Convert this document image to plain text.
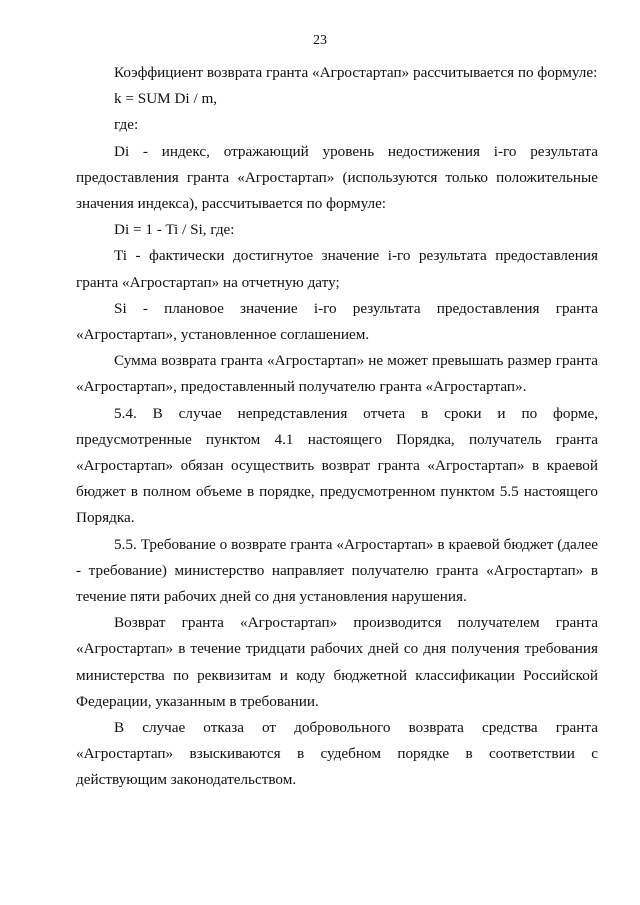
23

Коэффициент возврата гранта «Агростартап» рассчитывается по формуле:

k = SUM Di / m,

где:

Di - индекс, отражающий уровень недостижения i-го результата предоставления гранта «Агростартап» (используются только положительные значения индекса), рассчитывается по формуле:

Di = 1 - Ti / Si, где:

Ti - фактически достигнутое значение i-го результата предоставления гранта «Агростартап» на отчетную дату;

Si - плановое значение i-го результата предоставления гранта «Агростартап», установленное соглашением.

Сумма возврата гранта «Агростартап» не может превышать размер гранта «Агростартап», предоставленный получателю гранта «Агростартап».

5.4. В случае непредставления отчета в сроки и по форме, предусмотренные пунктом 4.1 настоящего Порядка, получатель гранта «Агростартап» обязан осуществить возврат гранта «Агростартап» в краевой бюджет в полном объеме в порядке, предусмотренном пунктом 5.5 настоящего Порядка.

5.5. Требование о возврате гранта «Агростартап» в краевой бюджет (далее - требование) министерство направляет получателю гранта «Агростартап» в течение пяти рабочих дней со дня установления нарушения.

Возврат гранта «Агростартап» производится получателем гранта «Агростартап» в течение тридцати рабочих дней со дня получения требования министерства по реквизитам и коду бюджетной классификации Российской Федерации, указанным в требовании.

В случае отказа от добровольного возврата средства гранта «Агростартап» взыскиваются в судебном порядке в соответствии с действующим законодательством.
